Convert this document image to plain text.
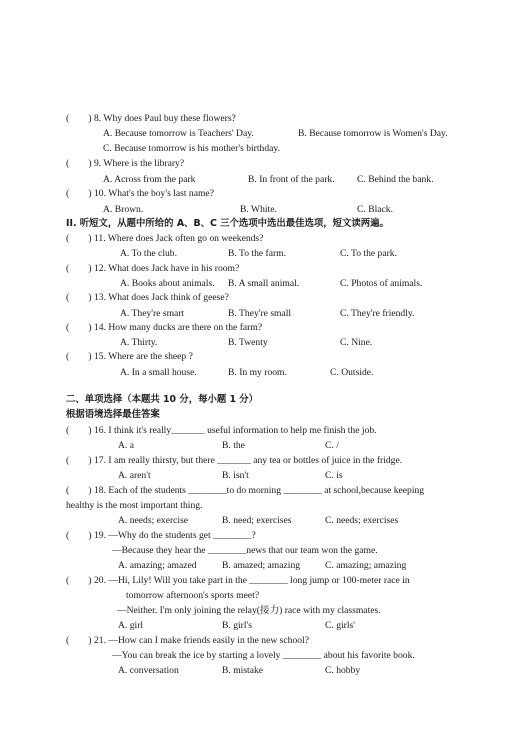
(　　) 8. Why does Paul buy these flowers?
A. Because tomorrow is Teachers' Day.	B. Because tomorrow is Women's Day.
C. Because tomorrow is his mother's birthday.
(　　) 9. Where is the library?
A. Across from the park	B. In front of the park. C. Behind the bank.
(　　) 10. What's the boy's last name?
A. Brown.	B. White.	C. Black.
II. 听短文，从题中所给的 A、B、C 三个选项中选出最佳选项，短文读两遍。
(　　) 11. Where does Jack often go on weekends?
A. To the club.	B. To the farm.	C. To the park.
(　　) 12. What does Jack have in his room?
A. Books about animals. B. A small animal.	C. Photos of animals.
(　　) 13. What does Jack think of geese?
A. They're smart	B. They're small	C. They're friendly.
(　　) 14. How many ducks are there on the farm?
A. Thirty.	B. Twenty	C. Nine.
(　　) 15. Where are the sheep ?
A. In a small house.	B. In my room.	C. Outside.
二、单项选择（本题共 10 分，每小题 1 分）
根据语境选择最佳答案
(　　) 16. I think it's really_______ useful information to help me finish the job.
A. a	B. the	C. /
(　　) 17. I am really thirsty, but there _______ any tea or bottles of juice in the fridge.
A. aren't	B. isn't	C. is
(　　) 18. Each of the students ________to do morning ________ at school,because keeping
healthy is the most important thing.
A. needs; exercise	B. need; exercises	C. needs; exercises
(　　) 19. —Why do the students get ________?
—Because they hear the ________news that our team won the game.
A. amazing; amazed	B. amazed; amazing	C. amazing; amazing
(　　) 20. —Hi, Lily! Will you take part in the ________ long jump or 100-meter race in
tomorrow afternoon's sports meet?
—Neither. I'm only joining the relay(接力) race with my classmates.
A. girl	B. girl's	C. girls'
(　　) 21. —How can I make friends easily in the new school?
—You can break the ice by starting a lovely ________ about his favorite book.
A. conversation	B. mistake	C. hobby
